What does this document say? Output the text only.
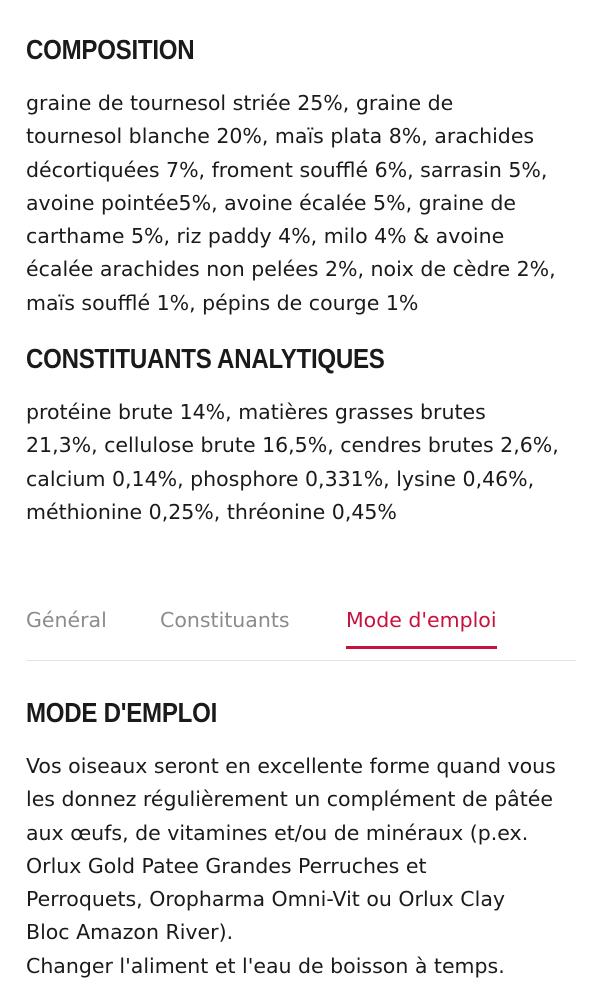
COMPOSITION

graine de tournesol striée 25%, graine de
tournesol blanche 20%, maïs plata 8%, arachides
décortiquées 7%, froment soufflé 6%, sarrasin 5%,
avoine pointée5%, avoine écalée 5%, graine de
carthame 5%, riz paddy 4%, milo 4% & avoine
écalée arachides non pelées 2%, noix de cèdre 2%,
maïs soufflé 1%, pépins de courge 1%

CONSTITUANTS ANALYTIQUES

protéine brute 14%, matières grasses brutes
21,3%, cellulose brute 16,5%, cendres brutes 2,6%,
calcium 0,14%, phosphore 0,331%, lysine 0,46%,
méthionine 0,25%, thréonine 0,45%

Général	Constituants	Mode d'emploi
MODE D'EMPLOI

Vos oiseaux seront en excellente forme quand vous
les donnez régulièrement un complément de pâtée
aux œufs, de vitamines et/ou de minéraux (p.ex.
Orlux Gold Patee Grandes Perruches et
Perroquets, Oropharma Omni-Vit ou Orlux Clay
Bloc Amazon River).
Changer l'aliment et l'eau de boisson à temps.
